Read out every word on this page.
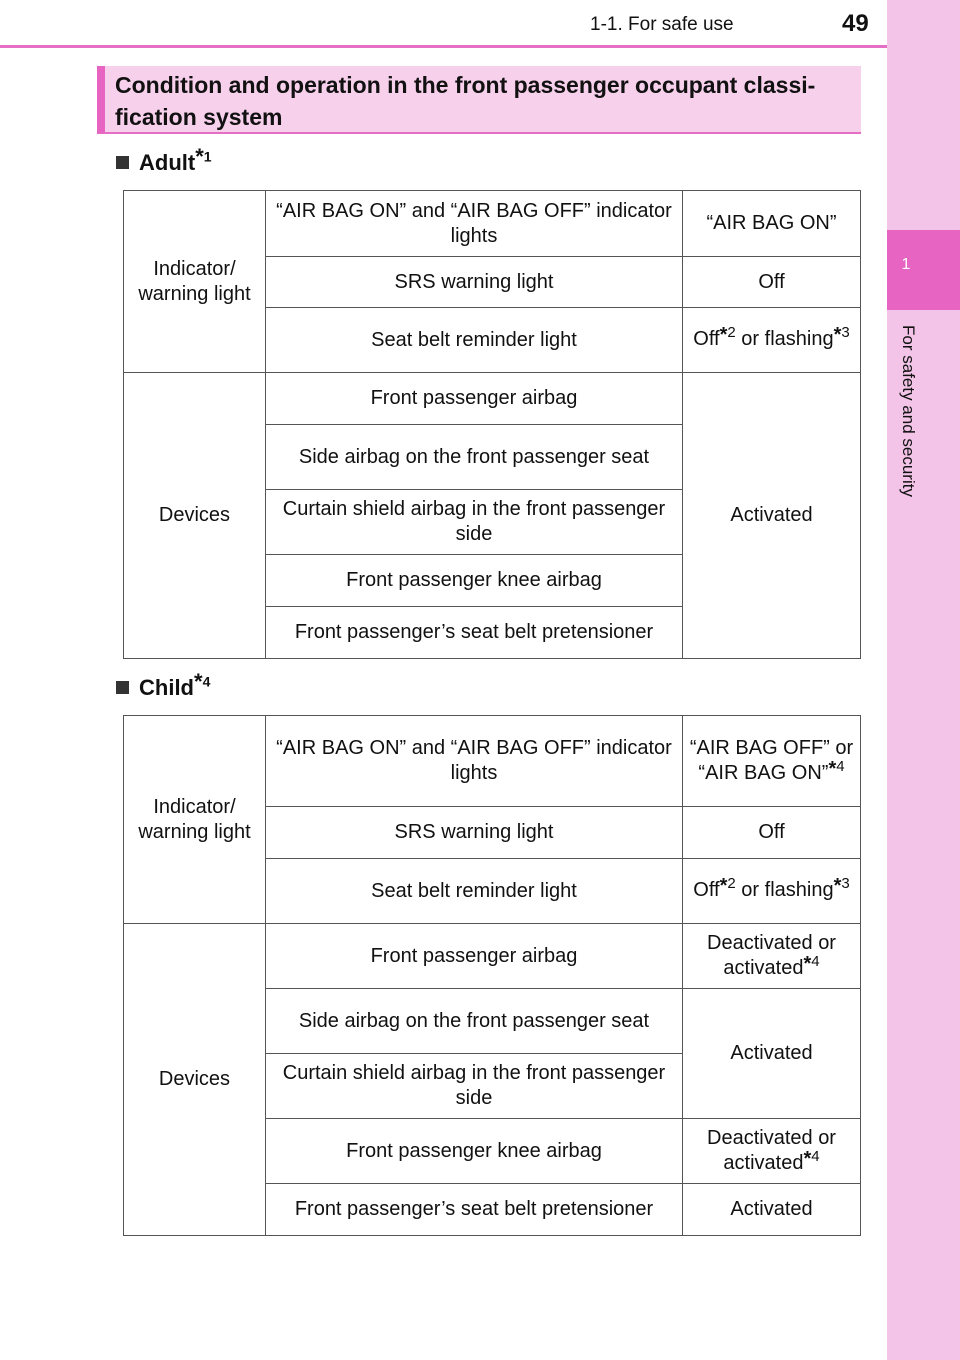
1-1. For safe use	49
1
For safety and security
Condition and operation in the front passenger occupant classi-fication system
Adult*$^1$
Indicator/ warning light	“AIR BAG ON” and “AIR BAG OFF” indicator lights	“AIR BAG ON”
	SRS warning light	Off
	Seat belt reminder light	Off*$^2$ or flashing*$^3$
Devices	Front passenger airbag	Activated
	Side airbag on the front passenger seat	
	Curtain shield airbag in the front passenger side	
	Front passenger knee airbag	
	Front passenger’s seat belt pretensioner	
Child*$^4$
Indicator/ warning light	“AIR BAG ON” and “AIR BAG OFF” indicator lights	“AIR BAG OFF” or “AIR BAG ON”*$^4$
	SRS warning light	Off
	Seat belt reminder light	Off*$^2$ or flashing*$^3$
Devices	Front passenger airbag	Deactivated or activated*$^4$
	Side airbag on the front passenger seat	Activated
	Curtain shield airbag in the front passenger side	
	Front passenger knee airbag	Deactivated or activated*$^4$
	Front passenger’s seat belt pretensioner	Activated
